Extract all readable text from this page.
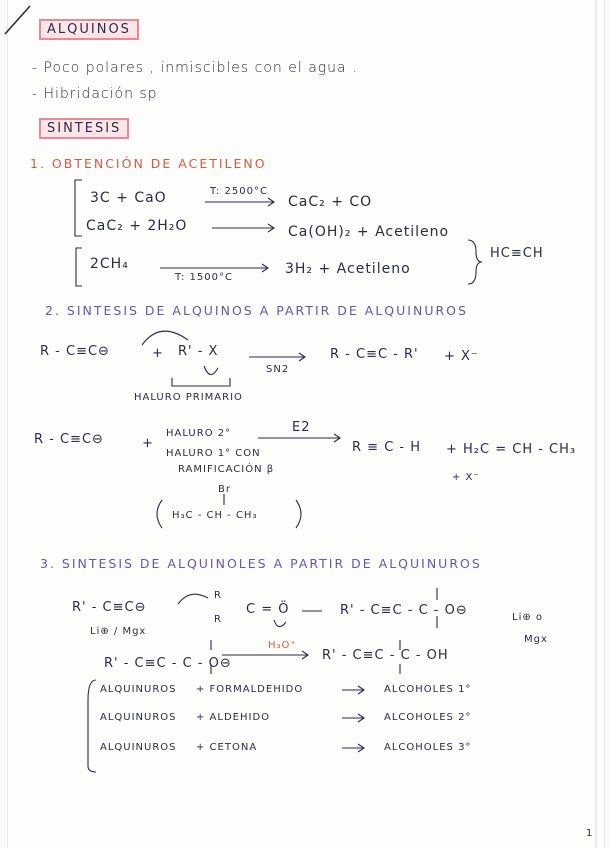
ALQUINOS
- Poco polares , inmiscibles con el agua .
- Hibridación sp
SINTESIS
1. OBTENCIÓN DE ACETILENO
3C + CaO	T: 2500°C
CaC₂ + CO
CaC₂ + 2H₂O	Ca(OH)₂ + Acetileno
2CH₄
T: 1500°C
3H₂ + Acetileno
HC≡CH
2. SINTESIS DE ALQUINOS A PARTIR DE ALQUINUROS
R - C≡C⊖	+ R' - X
SN2
R - C≡C - R' + X⁻
HALURO PRIMARIO
R - C≡C⊖	+
HALURO 2°
HALURO 1° CON
RAMIFICACIÓN β
E2
R ≡ C - H + H₂C = CH - CH₃
+ X⁻
Br
H₃C - CH - CH₃
3. SINTESIS DE ALQUINOLES A PARTIR DE ALQUINUROS
R' - C≡C⊖
Li⊕ / Mgx
R
R
C = Ö	R' - C≡C - C - O⊖	Li⊕ o
Mgx
R' - C≡C - C - O⊖
H₃O⁺
R' - C≡C - C - OH
ALQUINUROS + FORMALDEHIDO	ALCOHOLES 1°
ALQUINUROS + ALDEHIDO	ALCOHOLES 2°
ALQUINUROS + CETONA	ALCOHOLES 3°
1
